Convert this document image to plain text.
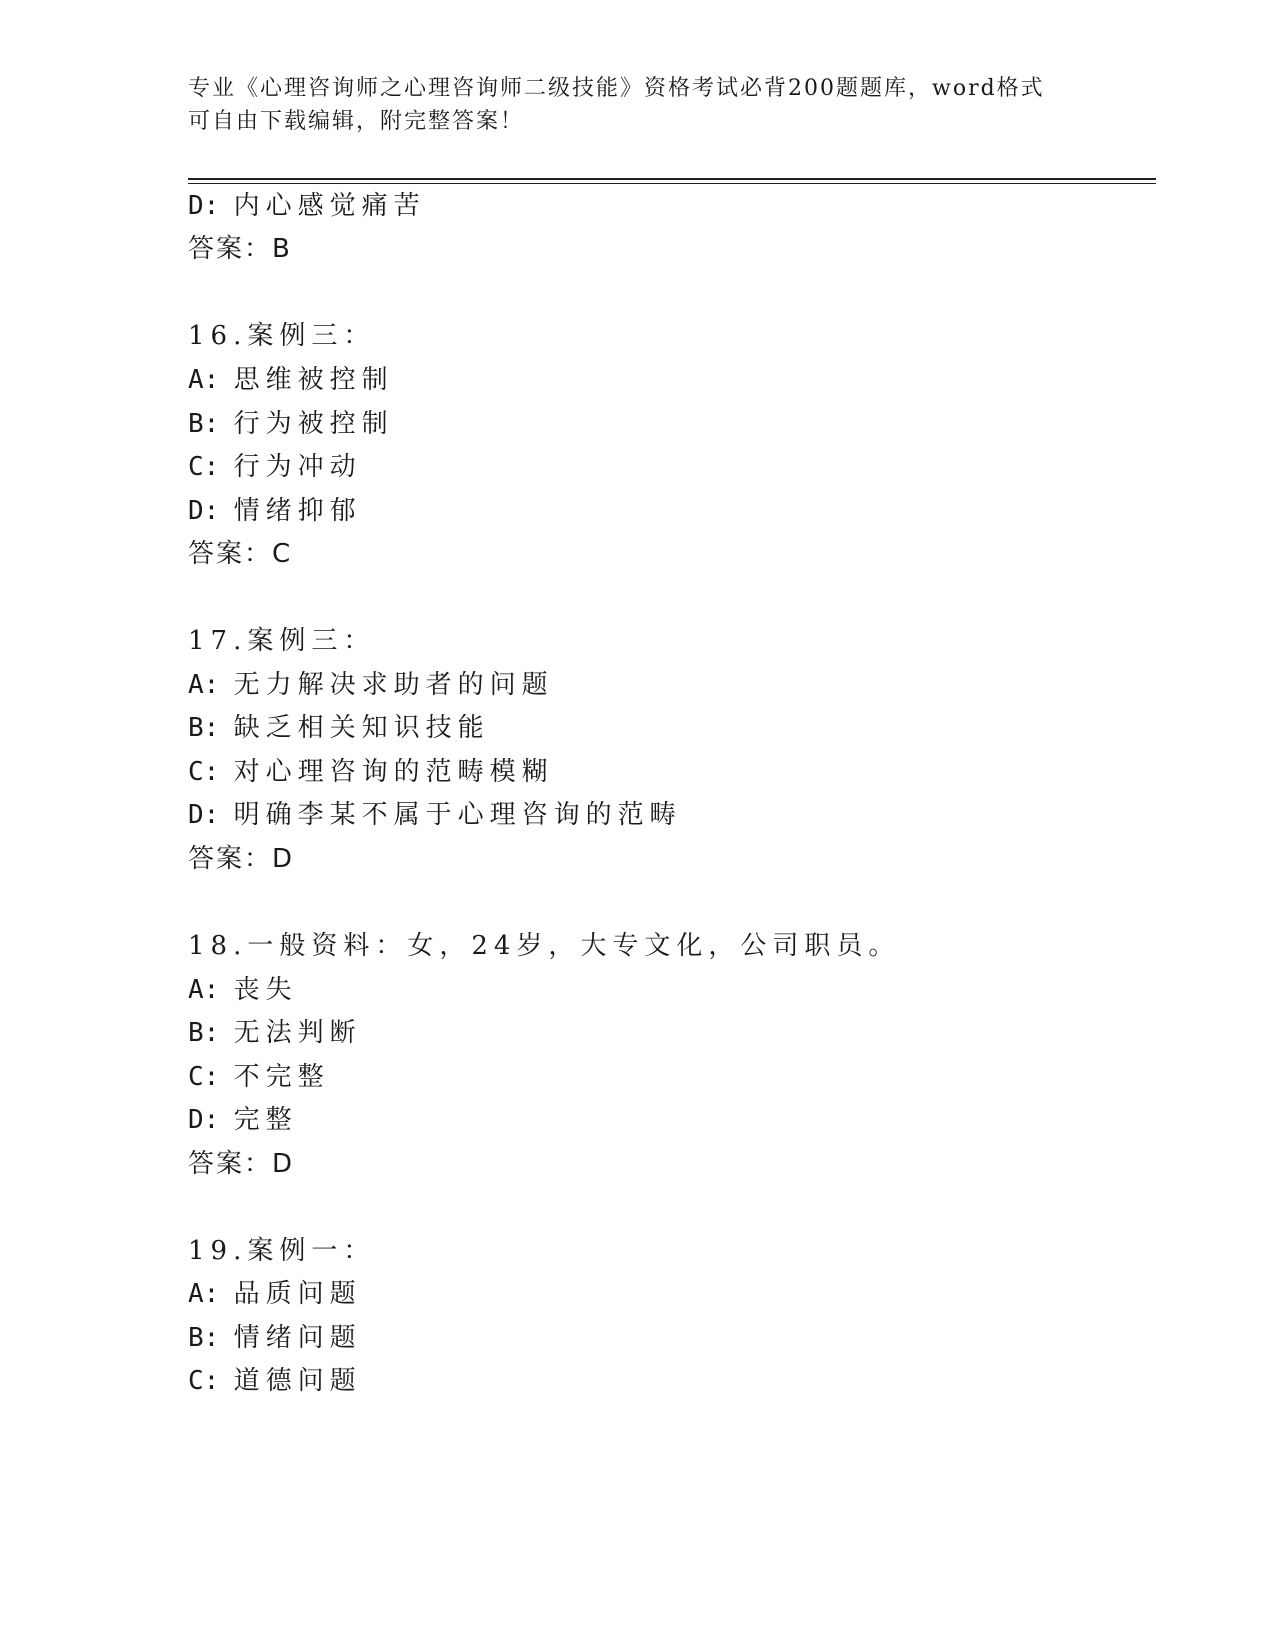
专业《心理咨询师之心理咨询师二级技能》资格考试必背200题题库，word格式
可自由下载编辑，附完整答案！
D: 内心感觉痛苦
答案：B
16.案例三：
A: 思维被控制
B: 行为被控制
C: 行为冲动
D: 情绪抑郁
答案：C
17.案例三：
A: 无力解决求助者的问题
B: 缺乏相关知识技能
C: 对心理咨询的范畴模糊
D: 明确李某不属于心理咨询的范畴
答案：D
18.一般资料：女，24岁，大专文化，公司职员。
A: 丧失
B: 无法判断
C: 不完整
D: 完整
答案：D
19.案例一：
A: 品质问题
B: 情绪问题
C: 道德问题
